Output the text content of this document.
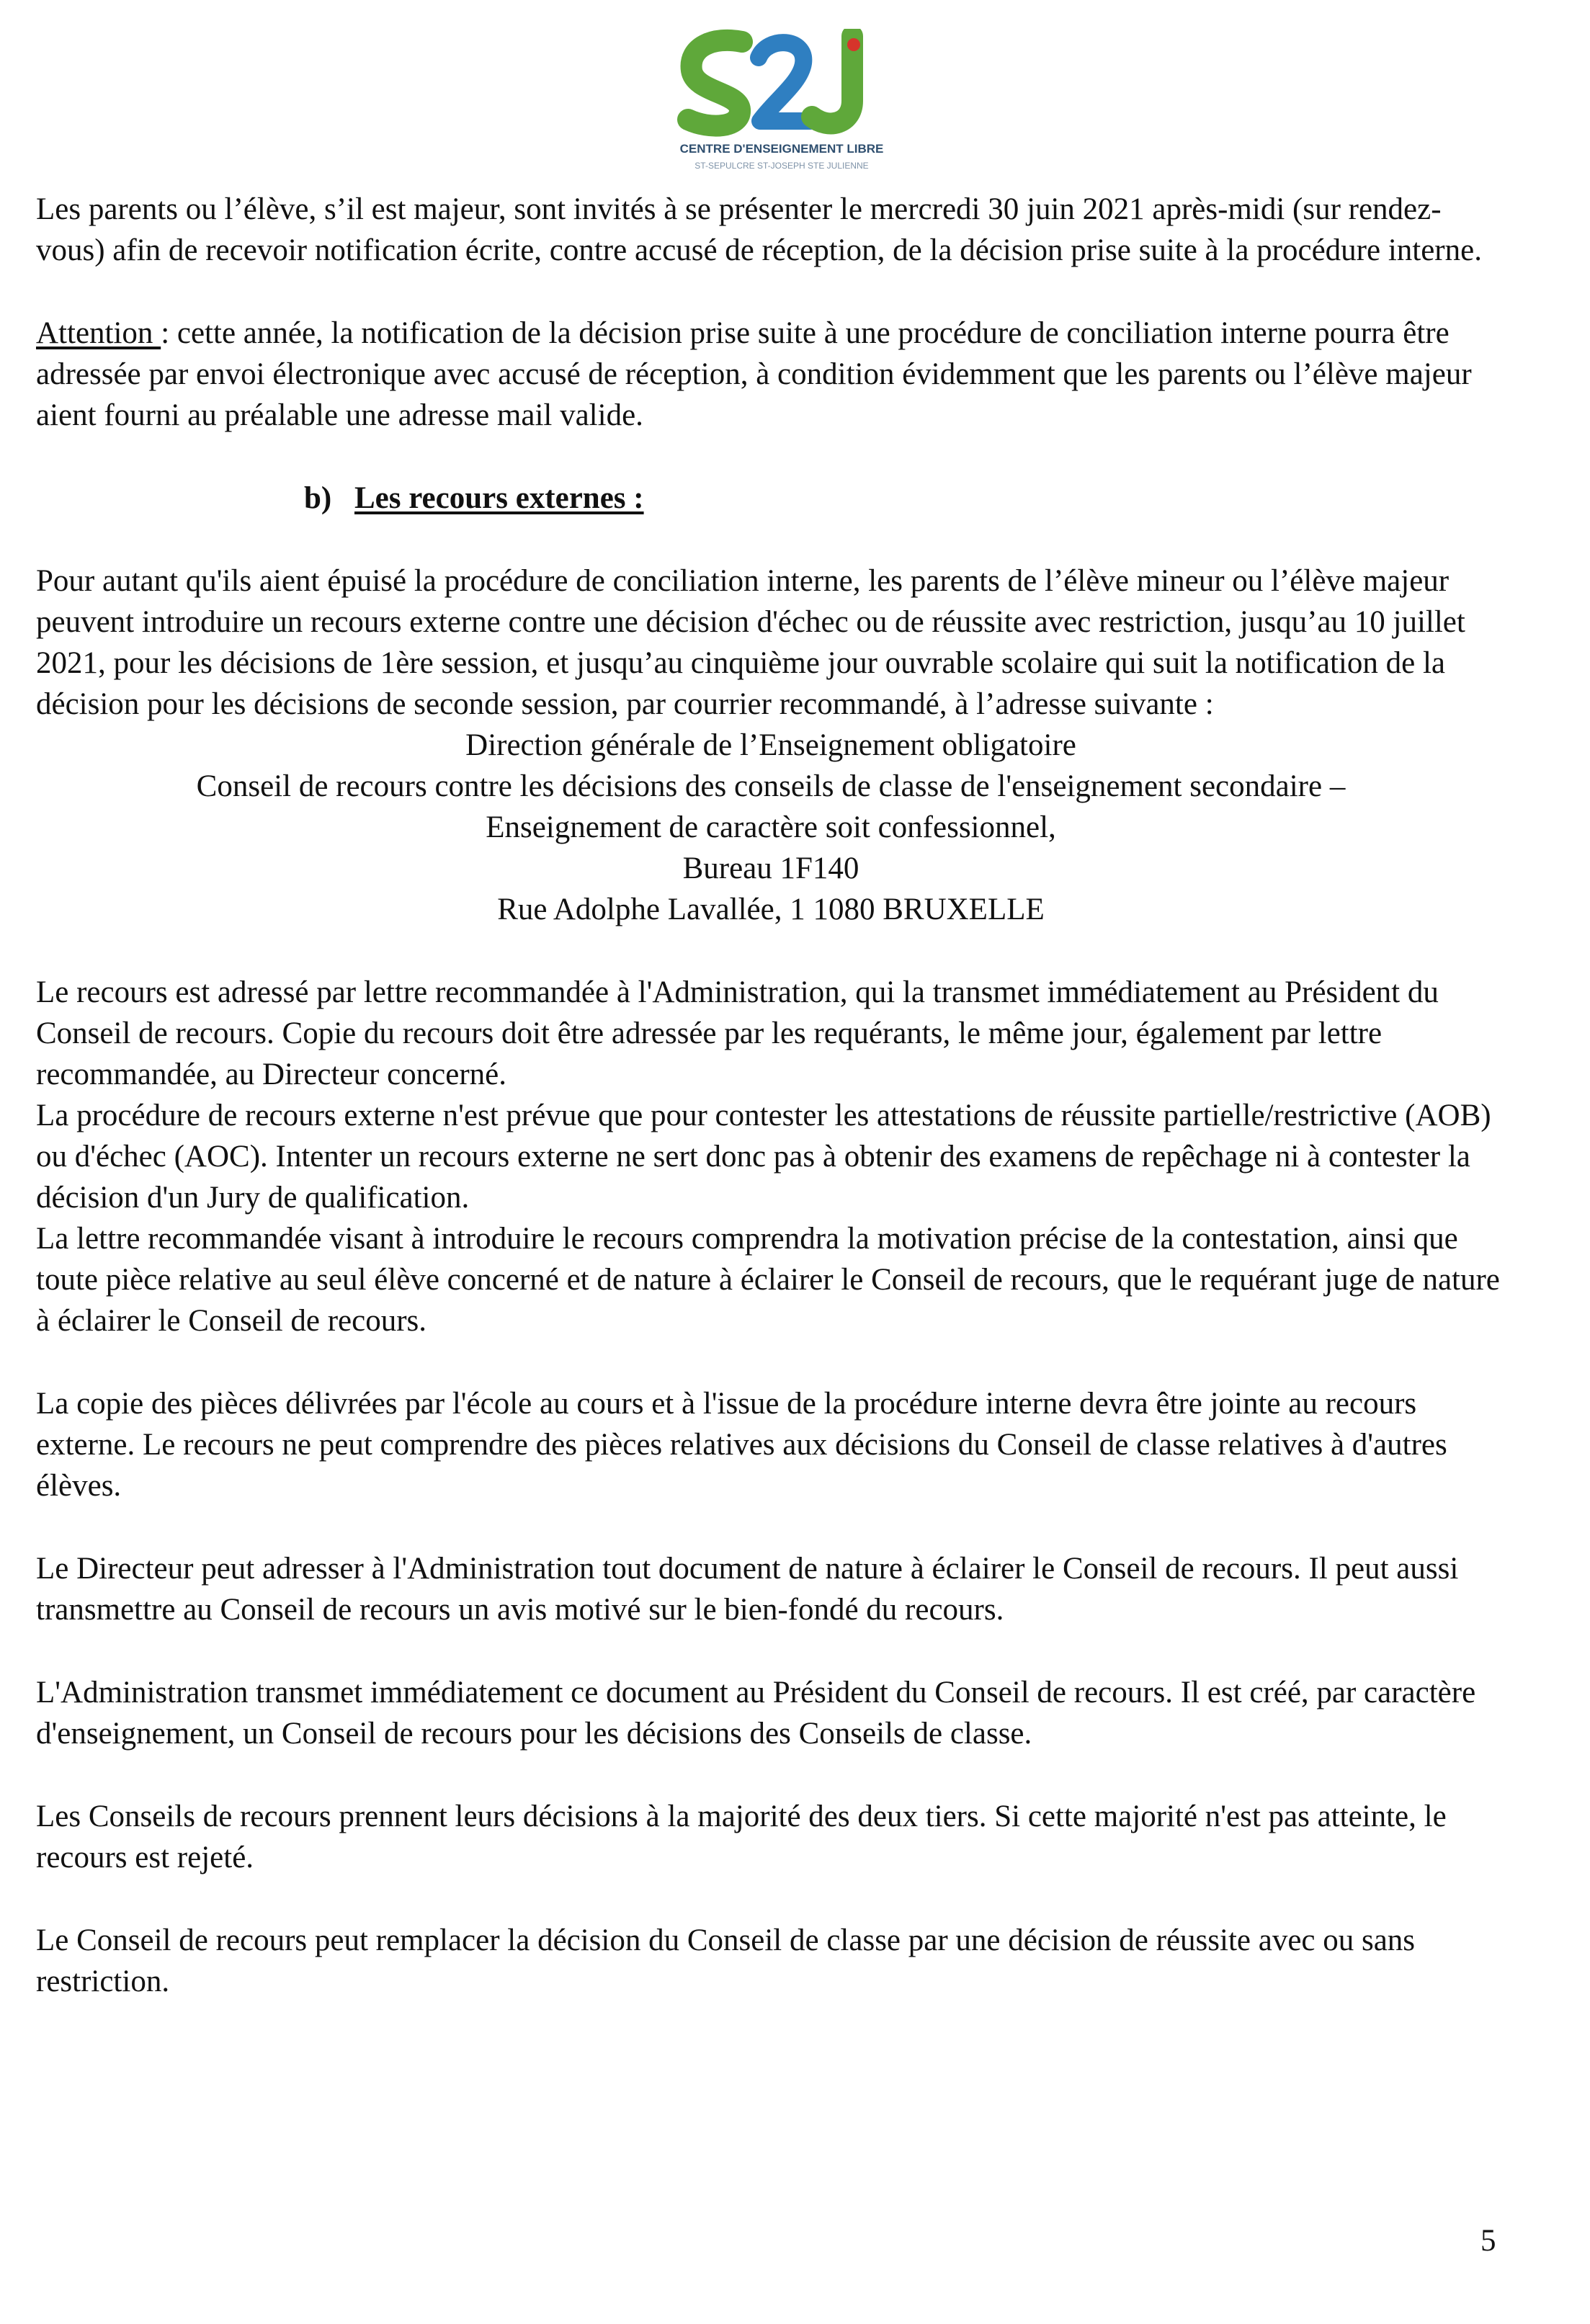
CENTRE D'ENSEIGNEMENT LIBRE
ST-SEPULCRE ST-JOSEPH STE JULIENNE

Les parents ou l’élève, s’il est majeur, sont invités à se présenter le mercredi 30 juin 2021 après-midi (sur rendez-vous) afin de recevoir notification écrite, contre accusé de réception, de la décision prise suite à la procédure interne.

Attention : cette année, la notification de la décision prise suite à une procédure de conciliation interne pourra être adressée par envoi électronique avec accusé de réception, à condition évidemment que les parents ou l’élève majeur aient fourni au préalable une adresse mail valide.

b) Les recours externes :

Pour autant qu'ils aient épuisé la procédure de conciliation interne, les parents de l’élève mineur ou l’élève majeur peuvent introduire un recours externe contre une décision d'échec ou de réussite avec restriction, jusqu’au 10 juillet 2021, pour les décisions de 1ère session, et jusqu’au cinquième jour ouvrable scolaire qui suit la notification de la décision pour les décisions de seconde session, par courrier recommandé, à l’adresse suivante :

Direction générale de l’Enseignement obligatoire

Conseil de recours contre les décisions des conseils de classe de l'enseignement secondaire –

Enseignement de caractère soit confessionnel,

Bureau 1F140

Rue Adolphe Lavallée, 1 1080 BRUXELLE

Le recours est adressé par lettre recommandée à l'Administration, qui la transmet immédiatement au Président du Conseil de recours. Copie du recours doit être adressée par les requérants, le même jour, également par lettre recommandée, au Directeur concerné.

La procédure de recours externe n'est prévue que pour contester les attestations de réussite partielle/restrictive (AOB) ou d'échec (AOC). Intenter un recours externe ne sert donc pas à obtenir des examens de repêchage ni à contester la décision d'un Jury de qualification.

La lettre recommandée visant à introduire le recours comprendra la motivation précise de la contestation, ainsi que toute pièce relative au seul élève concerné et de nature à éclairer le Conseil de recours, que le requérant juge de nature à éclairer le Conseil de recours.

La copie des pièces délivrées par l'école au cours et à l'issue de la procédure interne devra être jointe au recours externe. Le recours ne peut comprendre des pièces relatives aux décisions du Conseil de classe relatives à d'autres élèves.

Le Directeur peut adresser à l'Administration tout document de nature à éclairer le Conseil de recours. Il peut aussi transmettre au Conseil de recours un avis motivé sur le bien-fondé du recours.

L'Administration transmet immédiatement ce document au Président du Conseil de recours. Il est créé, par caractère d'enseignement, un Conseil de recours pour les décisions des Conseils de classe.

Les Conseils de recours prennent leurs décisions à la majorité des deux tiers. Si cette majorité n'est pas atteinte, le recours est rejeté.

Le Conseil de recours peut remplacer la décision du Conseil de classe par une décision de réussite avec ou sans restriction.

5
